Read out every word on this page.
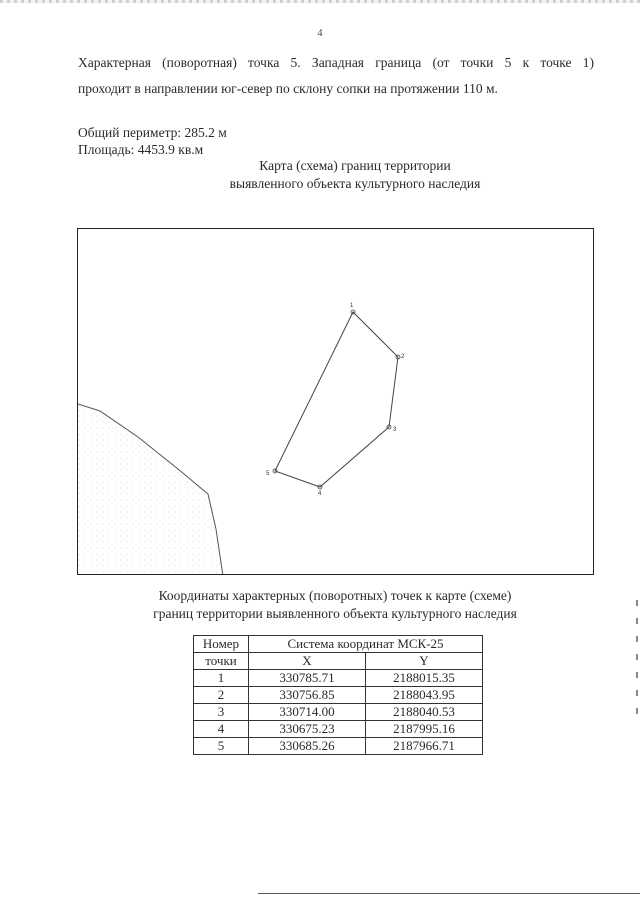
4
Характерная (поворотная) точка 5. Западная граница (от точки 5 к точке 1)
проходит в направлении юг-север по склону сопки на протяжении 110 м.
Общий периметр: 285.2 м
Площадь: 4453.9 кв.м
Карта (схема) границ территории
выявленного объекта культурного наследия
1
2
3
4
5
Координаты характерных (поворотных) точек к карте (схеме)
границ территории выявленного объекта культурного наследия
Номер	Система координат МСК-25	
точки	X	Y
1	330785.71	2188015.35
2	330756.85	2188043.95
3	330714.00	2188040.53
4	330675.23	2187995.16
5	330685.26	2187966.71
